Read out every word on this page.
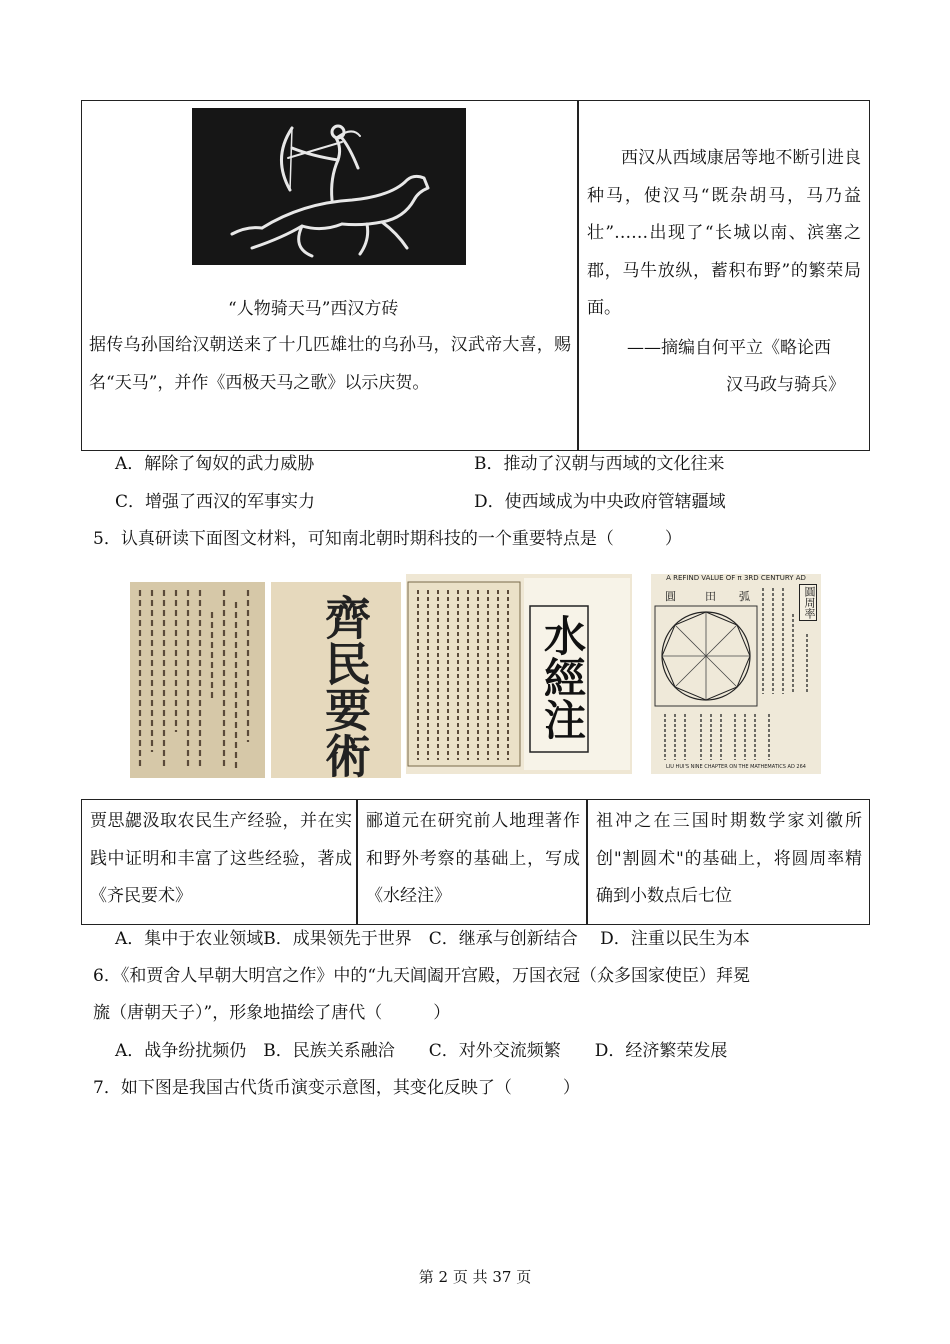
“人物骑天马”西汉方砖
据传乌孙国给汉朝送来了十几匹雄壮的乌孙马，汉武帝大喜，赐名“天马”，并作《西极天马之歌》以示庆贺。
西汉从西域康居等地不断引进良种马，使汉马“既杂胡马，马乃益壮”……出现了“长城以南、滨塞之郡，马牛放纵，蓄积布野”的繁荣局面。
——摘编自何平立《略论西
汉马政与骑兵》
A．解除了匈奴的武力威胁	B．推动了汉朝与西域的文化往来
C．增强了西汉的军事实力	D．使西域成为中央政府管辖疆域
5．认真研读下面图文材料，可知南北朝时期科技的一个重要特点是（　　　）
齊民要術	水經注
A REFIND VALUE OF π 3RD CENTURY AD
圓	田 弧	圓周率
LIU HUI'S NINE CHAPTER ON THE MATHEMATICS AD 264
贾思勰汲取农民生产经验，并在实践中证明和丰富了这些经验，著成《齐民要术》
郦道元在研究前人地理著作和野外考察的基础上，写成《水经注》
祖冲之在三国时期数学家刘徽所创"割圆术"的基础上，将圆周率精确到小数点后七位
A．集中于农业领域B．成果领先于世界　C．继承与创新结合　 D．注重以民生为本
6．《和贾舍人早朝大明宫之作》中的“九天阊阖开宫殿，万国衣冠（众多国家使臣）拜冕
旒（唐朝天子）”，形象地描绘了唐代（　　　）
A．战争纷扰频仍　B．民族关系融洽　　C．对外交流频繁　　D．经济繁荣发展
7．如下图是我国古代货币演变示意图，其变化反映了（　　　）
第 2 页 共 37 页
